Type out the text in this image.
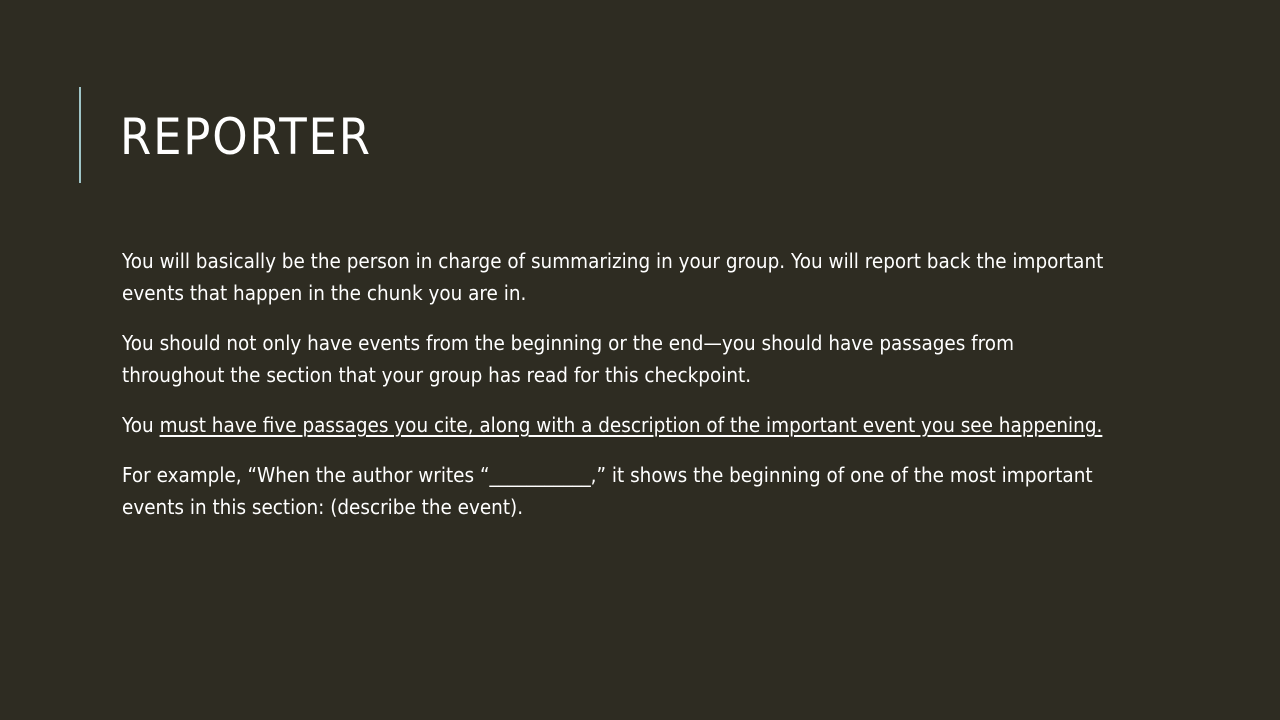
REPORTER

You will basically be the person in charge of summarizing in your group. You will report back the important events that happen in the chunk you are in.

You should not only have events from the beginning or the end—you should have passages from throughout the section that your group has read for this checkpoint.

You must have five passages you cite, along with a description of the important event you see happening.

For example, “When the author writes “___________,” it shows the beginning of one of the most important events in this section: (describe the event).
